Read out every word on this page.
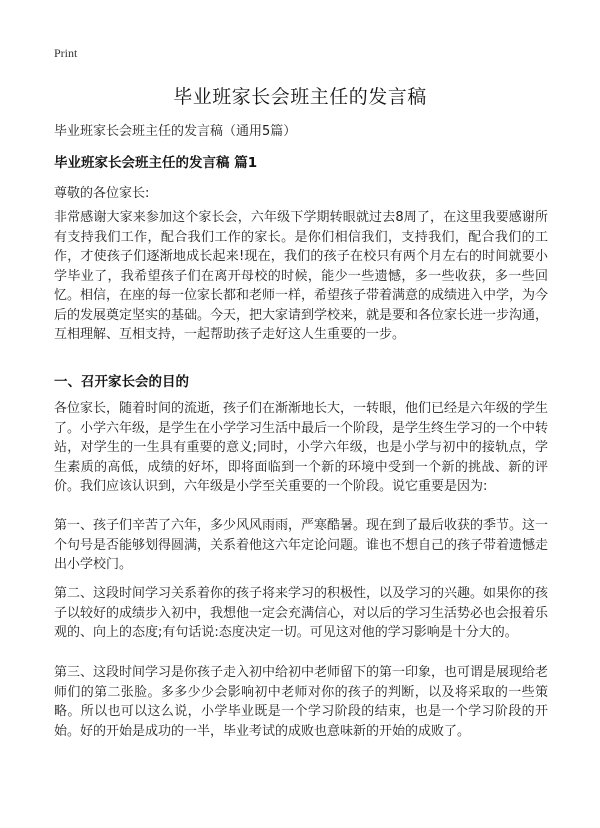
Print
毕业班家长会班主任的发言稿
毕业班家长会班主任的发言稿（通用5篇）
毕业班家长会班主任的发言稿 篇1
尊敬的各位家长:

非常感谢大家来参加这个家长会，六年级下学期转眼就过去8周了，在这里我要感谢所有支持我们工作，配合我们工作的家长。是你们相信我们，支持我们，配合我们的工作，才使孩子们逐渐地成长起来!现在，我们的孩子在校只有两个月左右的时间就要小学毕业了，我希望孩子们在离开母校的时候，能少一些遗憾，多一些收获，多一些回忆。相信，在座的每一位家长都和老师一样，希望孩子带着满意的成绩进入中学，为今后的发展奠定坚实的基础。今天，把大家请到学校来，就是要和各位家长进一步沟通，互相理解、互相支持，一起帮助孩子走好这人生重要的一步。

一、召开家长会的目的

各位家长，随着时间的流逝，孩子们在渐渐地长大，一转眼，他们已经是六年级的学生了。小学六年级，是学生在小学学习生活中最后一个阶段，是学生终生学习的一个中转站，对学生的一生具有重要的意义;同时，小学六年级，也是小学与初中的接轨点，学生素质的高低，成绩的好坏，即将面临到一个新的环境中受到一个新的挑战、新的评价。我们应该认识到，六年级是小学至关重要的一个阶段。说它重要是因为:

第一、孩子们辛苦了六年，多少风风雨雨，严寒酷暑。现在到了最后收获的季节。这一个句号是否能够划得圆满，关系着他这六年定论问题。谁也不想自己的孩子带着遗憾走出小学校门。

第二、这段时间学习关系着你的孩子将来学习的积极性，以及学习的兴趣。如果你的孩子以较好的成绩步入初中，我想他一定会充满信心，对以后的学习生活势必也会报着乐观的、向上的态度;有句话说:态度决定一切。可见这对他的学习影响是十分大的。

第三、这段时间学习是你孩子走入初中给初中老师留下的第一印象，也可谓是展现给老师们的第二张脸。多多少少会影响初中老师对你的孩子的判断，以及将采取的一些策略。所以也可以这么说，小学毕业既是一个学习阶段的结束，也是一个学习阶段的开始。好的开始是成功的一半，毕业考试的成败也意味新的开始的成败了。
